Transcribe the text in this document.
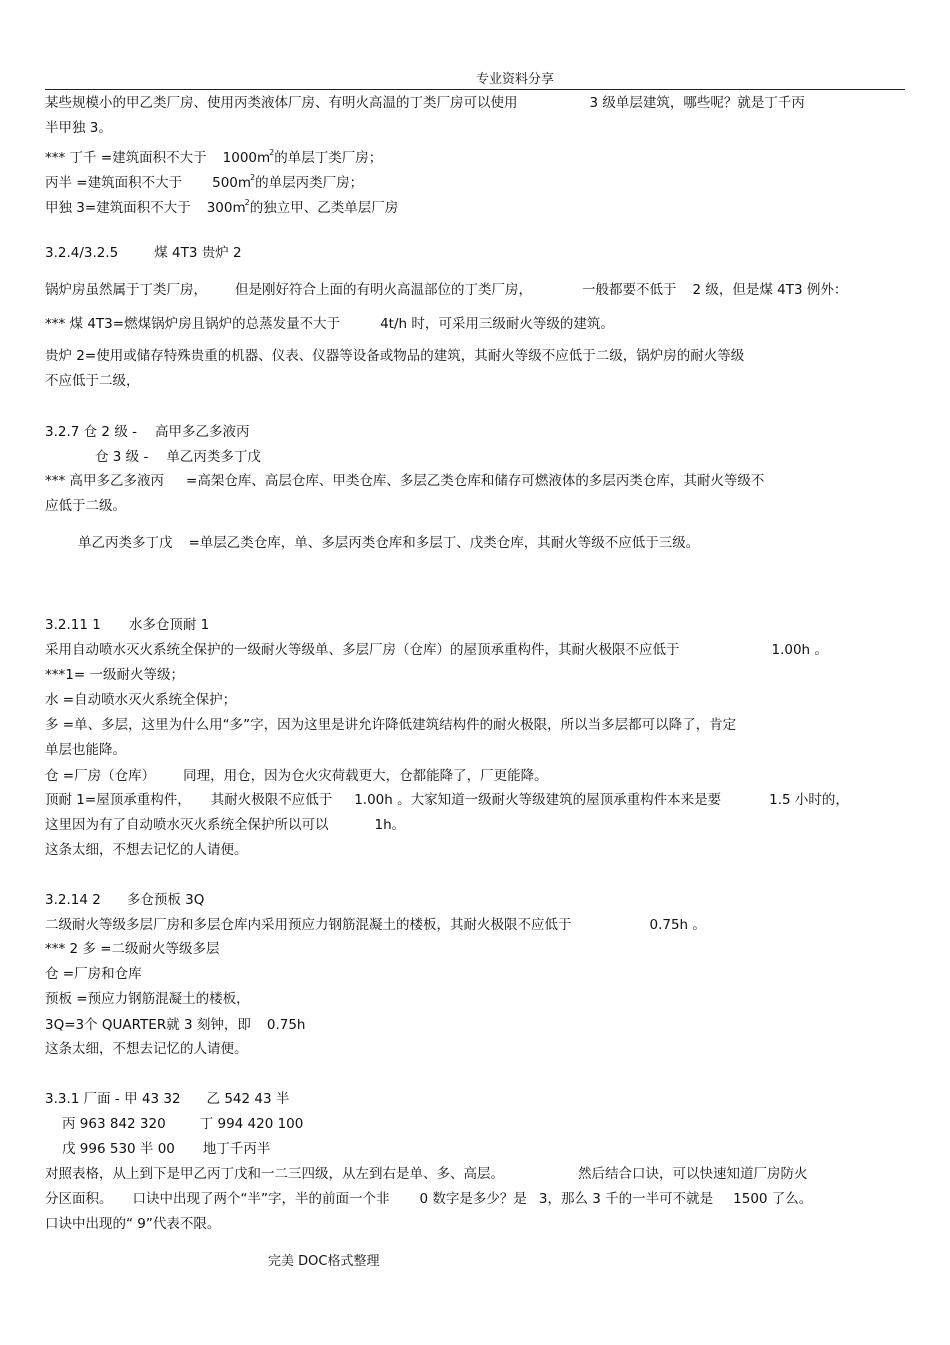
专业资料分享
某些规模小的甲乙类厂房、使用丙类液体厂房、有明火高温的丁类厂房可以使用	3 级单层建筑，哪些呢？就是丁千丙
半甲独 3。
*** 丁千 =建筑面积不大于 $1000m^2$的单层丁类厂房；
丙半 =建筑面积不大于 $500m^2$的单层丙类厂房；
甲独 3=建筑面积不大于 $300m^2$的独立甲、乙类单层厂房
3.2.4/3.2.5	煤 4T3 贵炉 2
锅炉房虽然属于丁类厂房， 但是刚好符合上面的有明火高温部位的丁类厂房，	一般都要不低于 2 级，但是煤 4T3 例外：
*** 煤 4T3=燃煤锅炉房且锅炉的总蒸发量不大于	4t/h 时，可采用三级耐火等级的建筑。
贵炉 2=使用或储存特殊贵重的机器、仪表、仪器等设备或物品的建筑，其耐火等级不应低于二级，锅炉房的耐火等级
不应低于二级，
3.2.7 仓 2 级 - 高甲多乙多液丙
仓 3 级 - 单乙丙类多丁戊
*** 高甲多乙多液丙 =高架仓库、高层仓库、甲类仓库、多层乙类仓库和储存可燃液体的多层丙类仓库，其耐火等级不
应低于二级。
单乙丙类多丁戊 =单层乙类仓库，单、多层丙类仓库和多层丁、戊类仓库，其耐火等级不应低于三级。
3.2.11 1 水多仓顶耐 1
采用自动喷水灭火系统全保护的一级耐火等级单、多层厂房（仓库）的屋顶承重构件，其耐火极限不应低于	1.00h 。
***1= 一级耐火等级；
水 =自动喷水灭火系统全保护；
多 =单、多层，这里为什么用“多”字，因为这里是讲允许降低建筑结构件的耐火极限，所以当多层都可以降了，肯定
单层也能降。
仓 =厂房（仓库） 同理，用仓，因为仓火灾荷载更大，仓都能降了，厂更能降。
顶耐 1=屋顶承重构件， 其耐火极限不应低于 1.00h 。大家知道一级耐火等级建筑的屋顶承重构件本来是要	1.5 小时的，
这里因为有了自动喷水灭火系统全保护所以可以	1h。
这条太细，不想去记忆的人请便。
3.2.14 2 多仓预板 3Q
二级耐火等级多层厂房和多层仓库内采用预应力钢筋混凝土的楼板，其耐火极限不应低于	0.75h 。
*** 2 多 =二级耐火等级多层
仓 =厂房和仓库
预板 =预应力钢筋混凝土的楼板，
3Q=3个 QUARTER就 3 刻钟，即 0.75h
这条太细，不想去记忆的人请便。
3.3.1 厂面 - 甲 43 32 乙 542 43 半
丙 963 842 320	丁 994 420 100
戊 996 530 半 00 地丁千丙半
对照表格，从上到下是甲乙丙丁戊和一二三四级，从左到右是单、多、高层。	然后结合口诀，可以快速知道厂房防火
分区面积。 口诀中出现了两个“半”字，半的前面一个非 0 数字是多少？是 3，那么 3 千的一半可不就是 1500 了么。
口诀中出现的“ 9”代表不限。
完美 DOC格式整理
